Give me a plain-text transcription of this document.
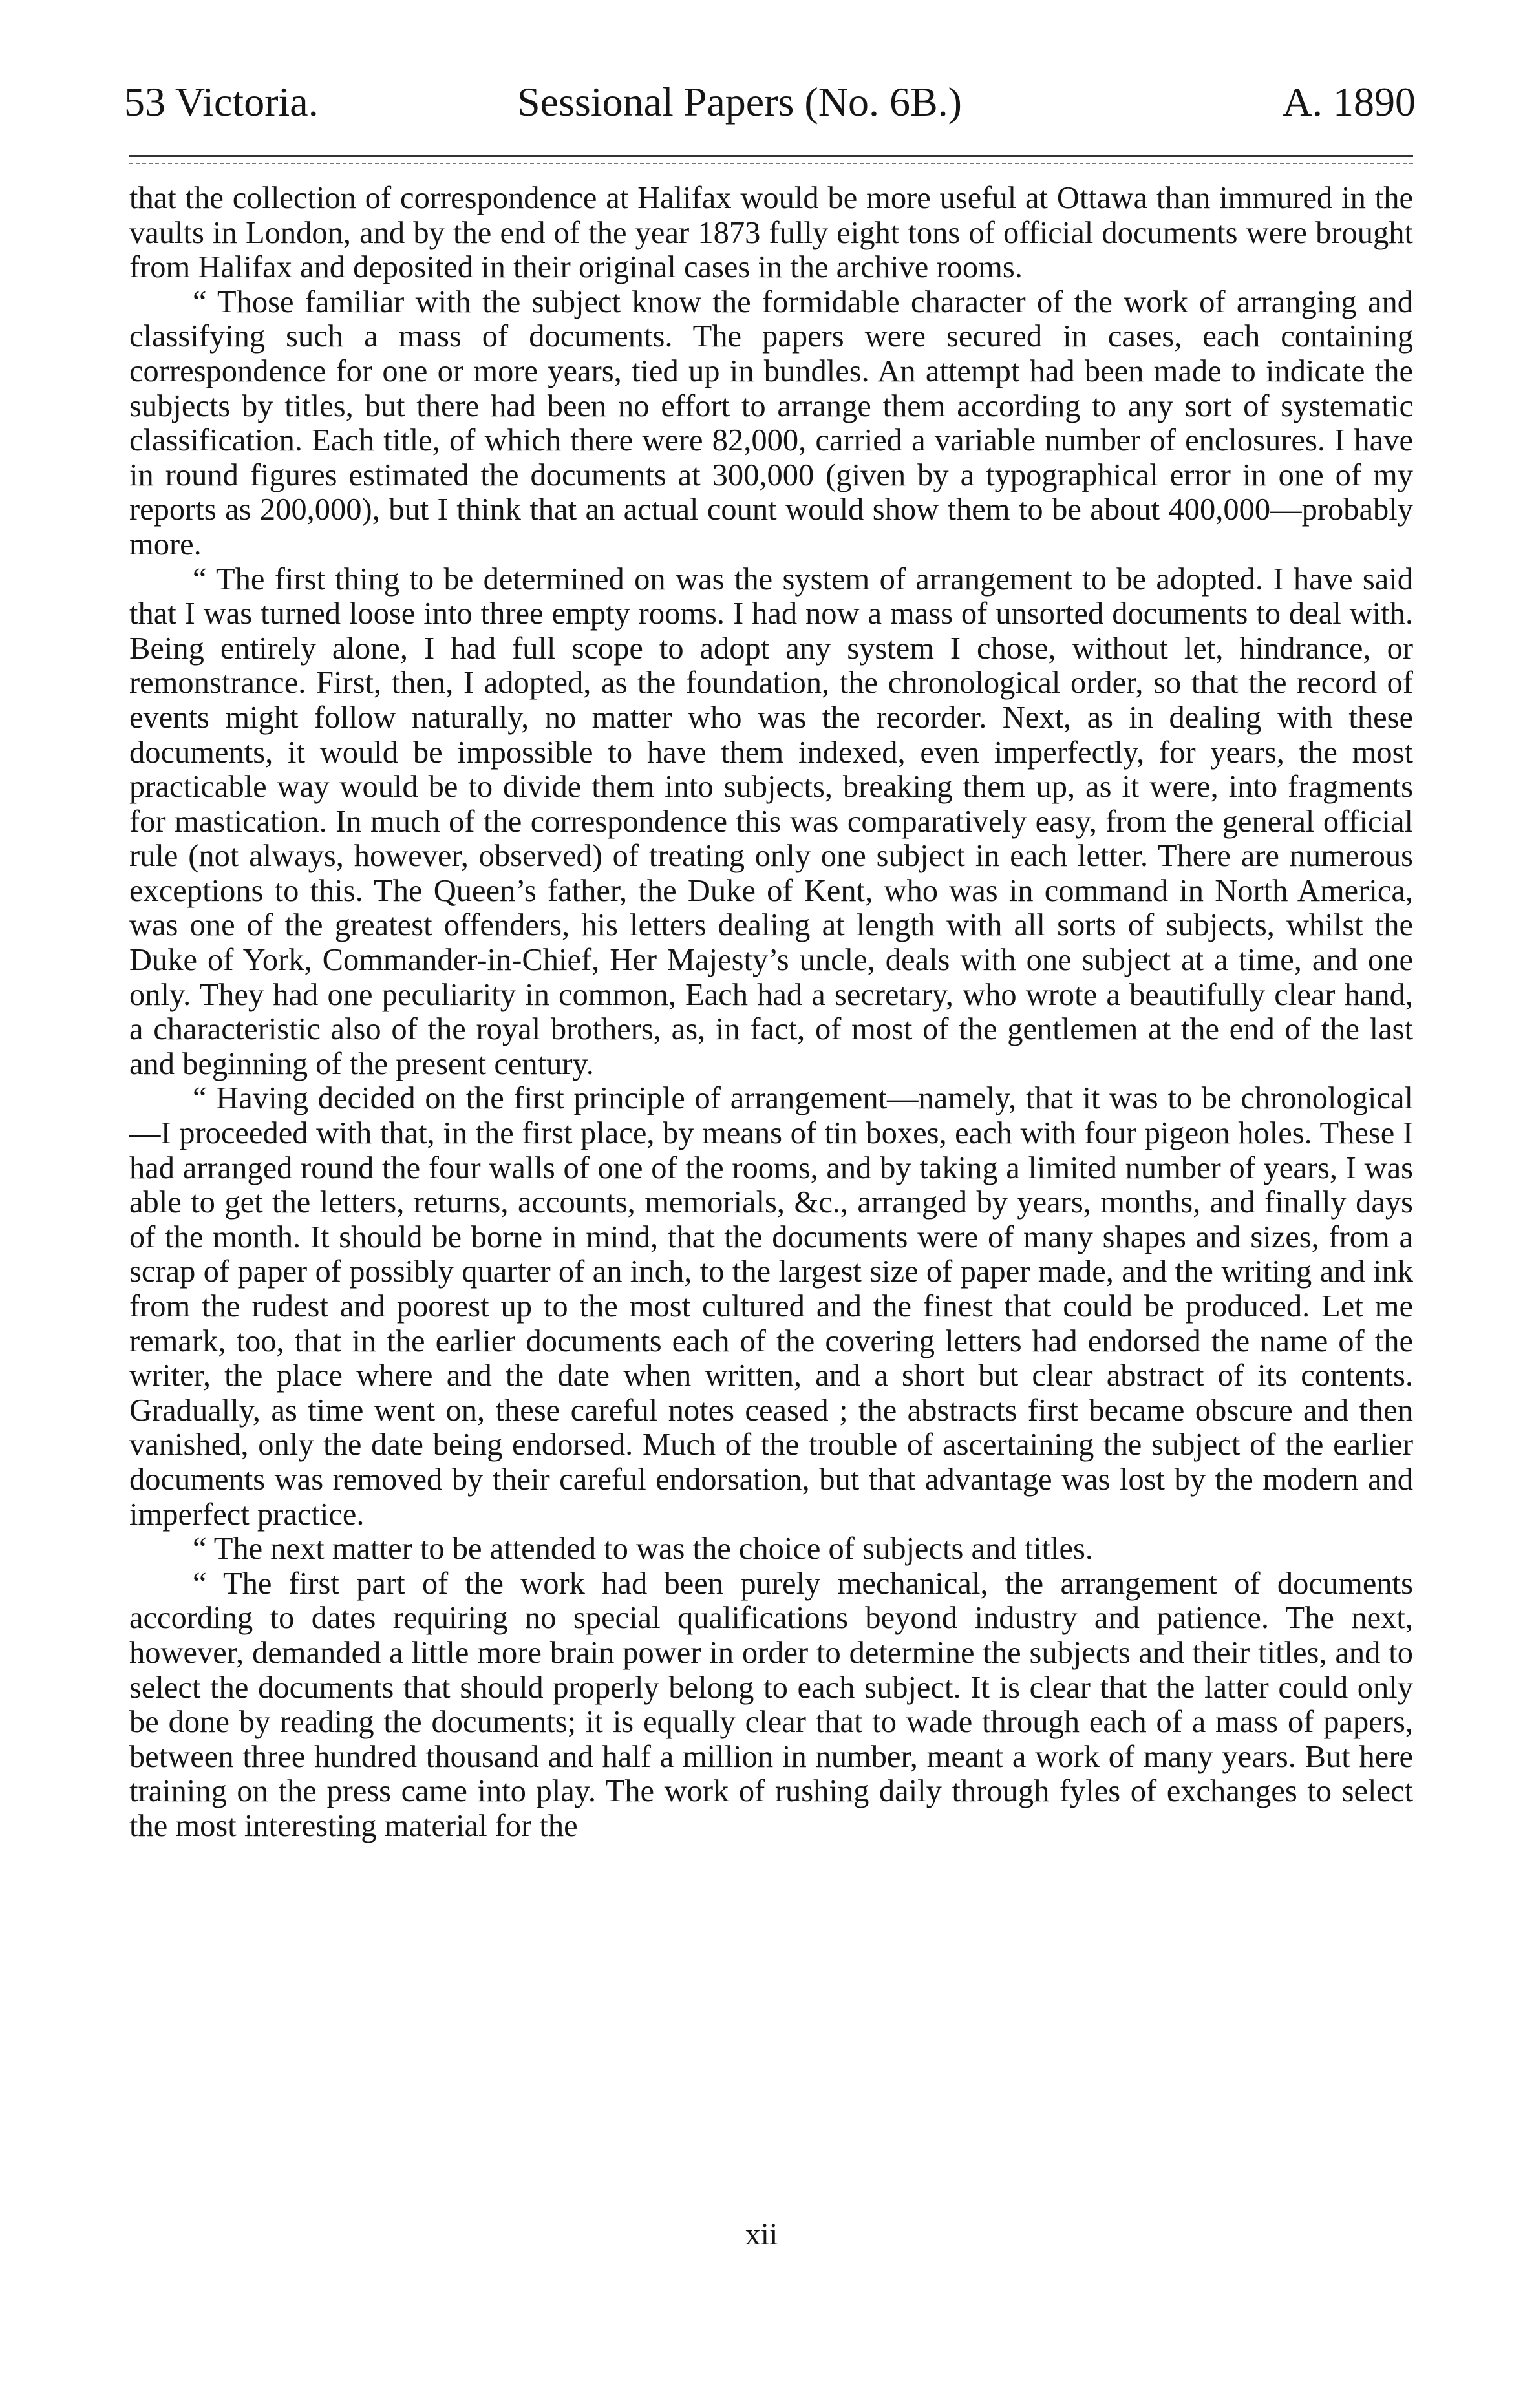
53 Victoria.	Sessional Papers (No. 6B.)	A. 1890

that the collection of correspondence at Halifax would be more useful at Ottawa than immured in the vaults in London, and by the end of the year 1873 fully eight tons of official documents were brought from Halifax and deposited in their original cases in the archive rooms.

“ Those familiar with the subject know the formidable character of the work of arranging and classifying such a mass of documents. The papers were secured in cases, each containing correspondence for one or more years, tied up in bundles. An attempt had been made to indicate the subjects by titles, but there had been no effort to arrange them according to any sort of systematic classification. Each title, of which there were 82,000, carried a variable number of enclosures. I have in round figures estimated the documents at 300,000 (given by a typographical error in one of my reports as 200,000), but I think that an actual count would show them to be about 400,000—probably more.

“ The first thing to be determined on was the system of arrangement to be adopted. I have said that I was turned loose into three empty rooms. I had now a mass of unsorted documents to deal with. Being entirely alone, I had full scope to adopt any system I chose, without let, hindrance, or remonstrance. First, then, I adopted, as the foundation, the chronological order, so that the record of events might follow naturally, no matter who was the recorder. Next, as in dealing with these documents, it would be impossible to have them indexed, even imperfectly, for years, the most practicable way would be to divide them into subjects, breaking them up, as it were, into fragments for mastication. In much of the correspondence this was comparatively easy, from the general official rule (not always, however, observed) of treating only one subject in each letter. There are numerous exceptions to this. The Queen’s father, the Duke of Kent, who was in command in North America, was one of the greatest offenders, his letters dealing at length with all sorts of subjects, whilst the Duke of York, Commander-in-Chief, Her Majesty’s uncle, deals with one subject at a time, and one only. They had one peculiarity in common, Each had a secretary, who wrote a beautifully clear hand, a characteristic also of the royal brothers, as, in fact, of most of the gentlemen at the end of the last and beginning of the present century.

“ Having decided on the first principle of arrangement—namely, that it was to be chronological—I proceeded with that, in the first place, by means of tin boxes, each with four pigeon holes. These I had arranged round the four walls of one of the rooms, and by taking a limited number of years, I was able to get the letters, returns, accounts, memorials, &c., arranged by years, months, and finally days of the month. It should be borne in mind, that the documents were of many shapes and sizes, from a scrap of paper of possibly quarter of an inch, to the largest size of paper made, and the writing and ink from the rudest and poorest up to the most cultured and the finest that could be produced. Let me remark, too, that in the earlier documents each of the covering letters had endorsed the name of the writer, the place where and the date when written, and a short but clear abstract of its contents. Gradually, as time went on, these careful notes ceased ; the abstracts first became obscure and then vanished, only the date being endorsed. Much of the trouble of ascertaining the subject of the earlier documents was removed by their careful endorsation, but that advantage was lost by the modern and imperfect practice.

“ The next matter to be attended to was the choice of subjects and titles.

“ The first part of the work had been purely mechanical, the arrangement of documents according to dates requiring no special qualifications beyond industry and patience. The next, however, demanded a little more brain power in order to determine the subjects and their titles, and to select the documents that should properly belong to each subject. It is clear that the latter could only be done by reading the documents; it is equally clear that to wade through each of a mass of papers, between three hundred thousand and half a million in number, meant a work of many years. But here training on the press came into play. The work of rushing daily through fyles of exchanges to select the most interesting material for the

xii
